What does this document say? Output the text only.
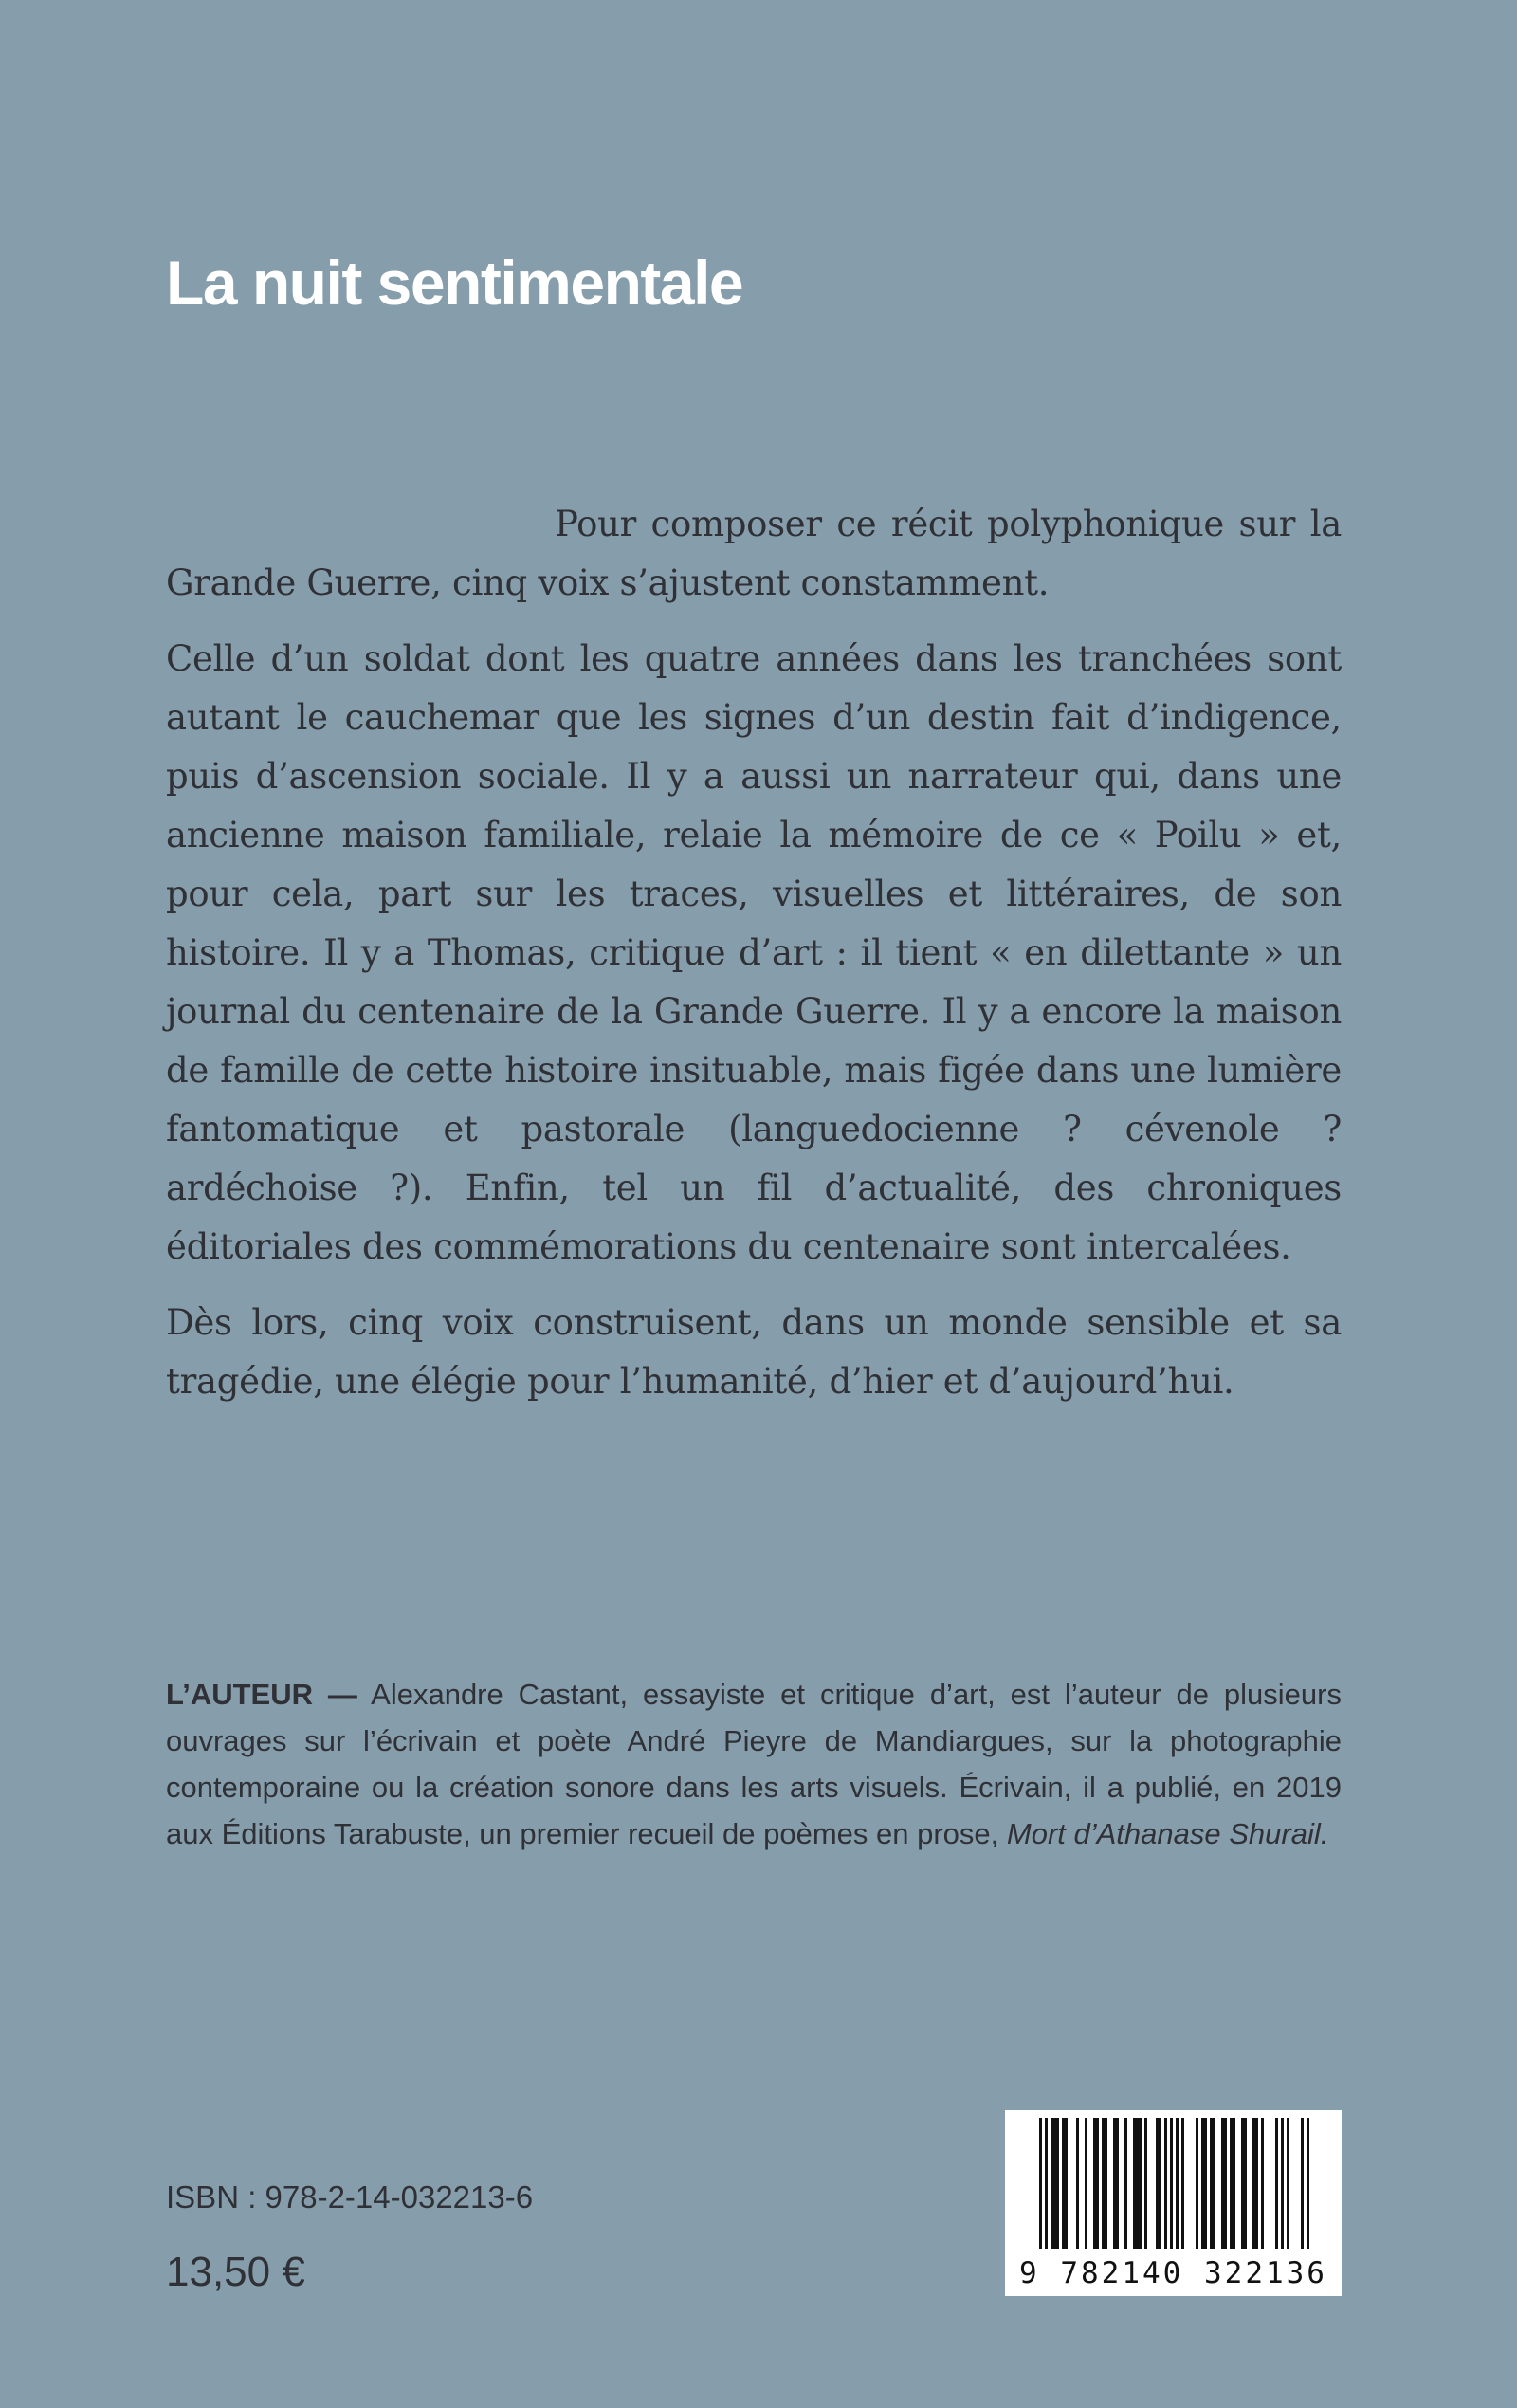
La nuit sentimentale

Pour composer ce récit polyphonique sur la Grande Guerre, cinq voix s’ajustent constamment.

Celle d’un soldat dont les quatre années dans les tranchées sont autant le cauchemar que les signes d’un destin fait d’indigence, puis d’ascension sociale. Il y a aussi un narrateur qui, dans une ancienne maison familiale, relaie la mémoire de ce « Poilu » et, pour cela, part sur les traces, visuelles et littéraires, de son histoire. Il y a Thomas, critique d’art : il tient « en dilettante » un journal du centenaire de la Grande Guerre. Il y a encore la maison de famille de cette histoire insituable, mais figée dans une lumière fantomatique et pastorale (languedocienne ? cévenole ? ardéchoise ?). Enfin, tel un fil d’actualité, des chroniques éditoriales des commémorations du centenaire sont intercalées.

Dès lors, cinq voix construisent, dans un monde sensible et sa tragédie, une élégie pour l’humanité, d’hier et d’aujourd’hui.

L’AUTEUR — Alexandre Castant, essayiste et critique d’art, est l’auteur de plusieurs ouvrages sur l’écrivain et poète André Pieyre de Mandiargues, sur la photographie contemporaine ou la création sonore dans les arts visuels. Écrivain, il a publié, en 2019 aux Éditions Tarabuste, un premier recueil de poèmes en prose, Mort d’Athanase Shurail.

ISBN : 978-2-14-032213-6
13,50 €	9 782140 322136
